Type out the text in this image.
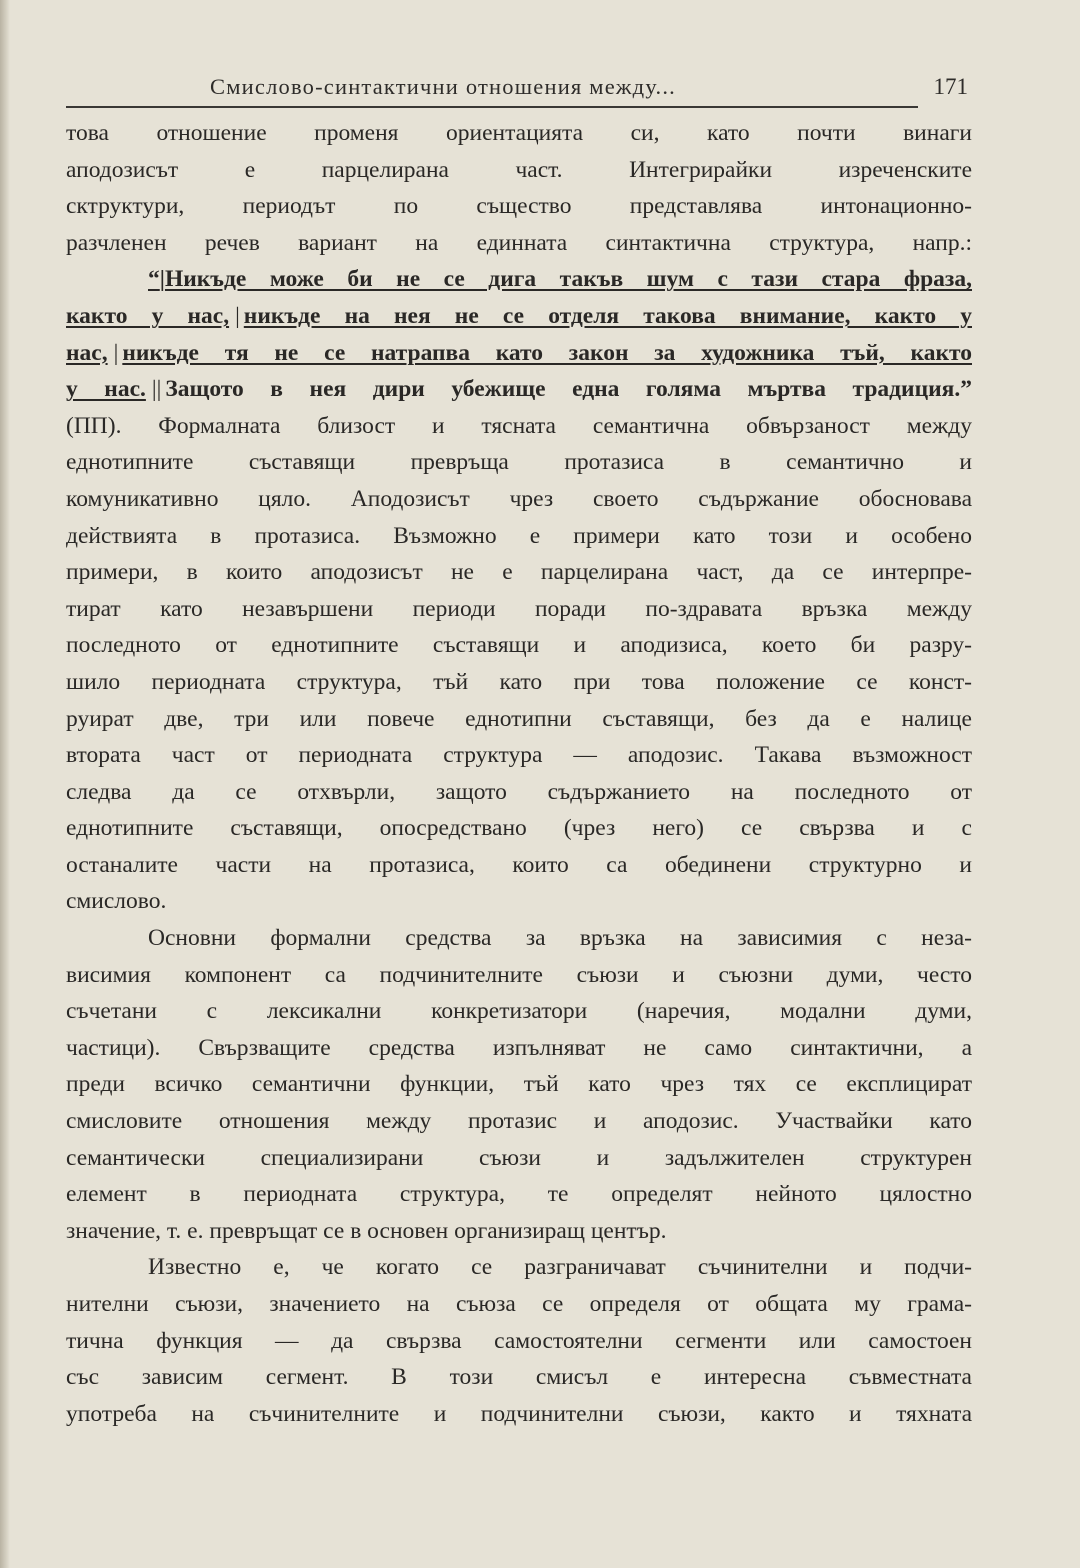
Смислово-синтактични отношения между...	171
това отношение променя ориентацията си, като почти винаги
аподозисът е парцелирана част. Интегрирайки изреченските
сктруктури, периодът по същество представлява интонационно-
разчленен речев вариант на единната синтактична структура, напр.:
“|Никъде може би не се дига такъв шум с тази стара фраза,
както у нас, | никъде на нея не се отделя такова внимание, както у
нас, | никъде тя не се натрапва като закон за художника тъй, както
у нас. || Защото в нея дири убежище една голяма мъртва традиция.”
(ПП). Формалната близост и тясната семантична обвързаност между
еднотипните съставящи превръща протазиса в семантично и
комуникативно цяло. Аподозисът чрез своето съдържание обосновава
действията в протазиса. Възможно е примери като този и особено
примери, в които аподозисът не е парцелирана част, да се интерпре-
тират като незавършени периоди поради по-здравата връзка между
последното от еднотипните съставящи и аподизиса, което би разру-
шило периодната структура, тъй като при това положение се конст-
руират две, три или повече еднотипни съставящи, без да е налице
втората част от периодната структура — аподозис. Такава възможност
следва да се отхвърли, защото съдържанието на последното от
еднотипните съставящи, опосредствано (чрез него) се свързва и с
останалите части на протазиса, които са обединени структурно и
смислово.
Основни формални средства за връзка на зависимия с неза-
висимия компонент са подчинителните съюзи и съюзни думи, често
съчетани с лексикални конкретизатори (наречия, модални думи,
частици). Свързващите средства изпълняват не само синтактични, а
преди всичко семантични функции, тъй като чрез тях се експлицират
смисловите отношения между протазис и аподозис. Участвайки като
семантически специализирани съюзи и задължителен структурен
елемент в периодната структура, те определят нейното цялостно
значение, т. е. превръщат се в основен организиращ център.
Известно е, че когато се разграничават съчинителни и подчи-
нителни съюзи, значението на съюза се определя от общата му грама-
тична функция — да свързва самостоятелни сегменти или самостоен
със зависим сегмент. В този смисъл е интересна съвместната
употреба на съчинителните и подчинителни съюзи, както и тяхната
